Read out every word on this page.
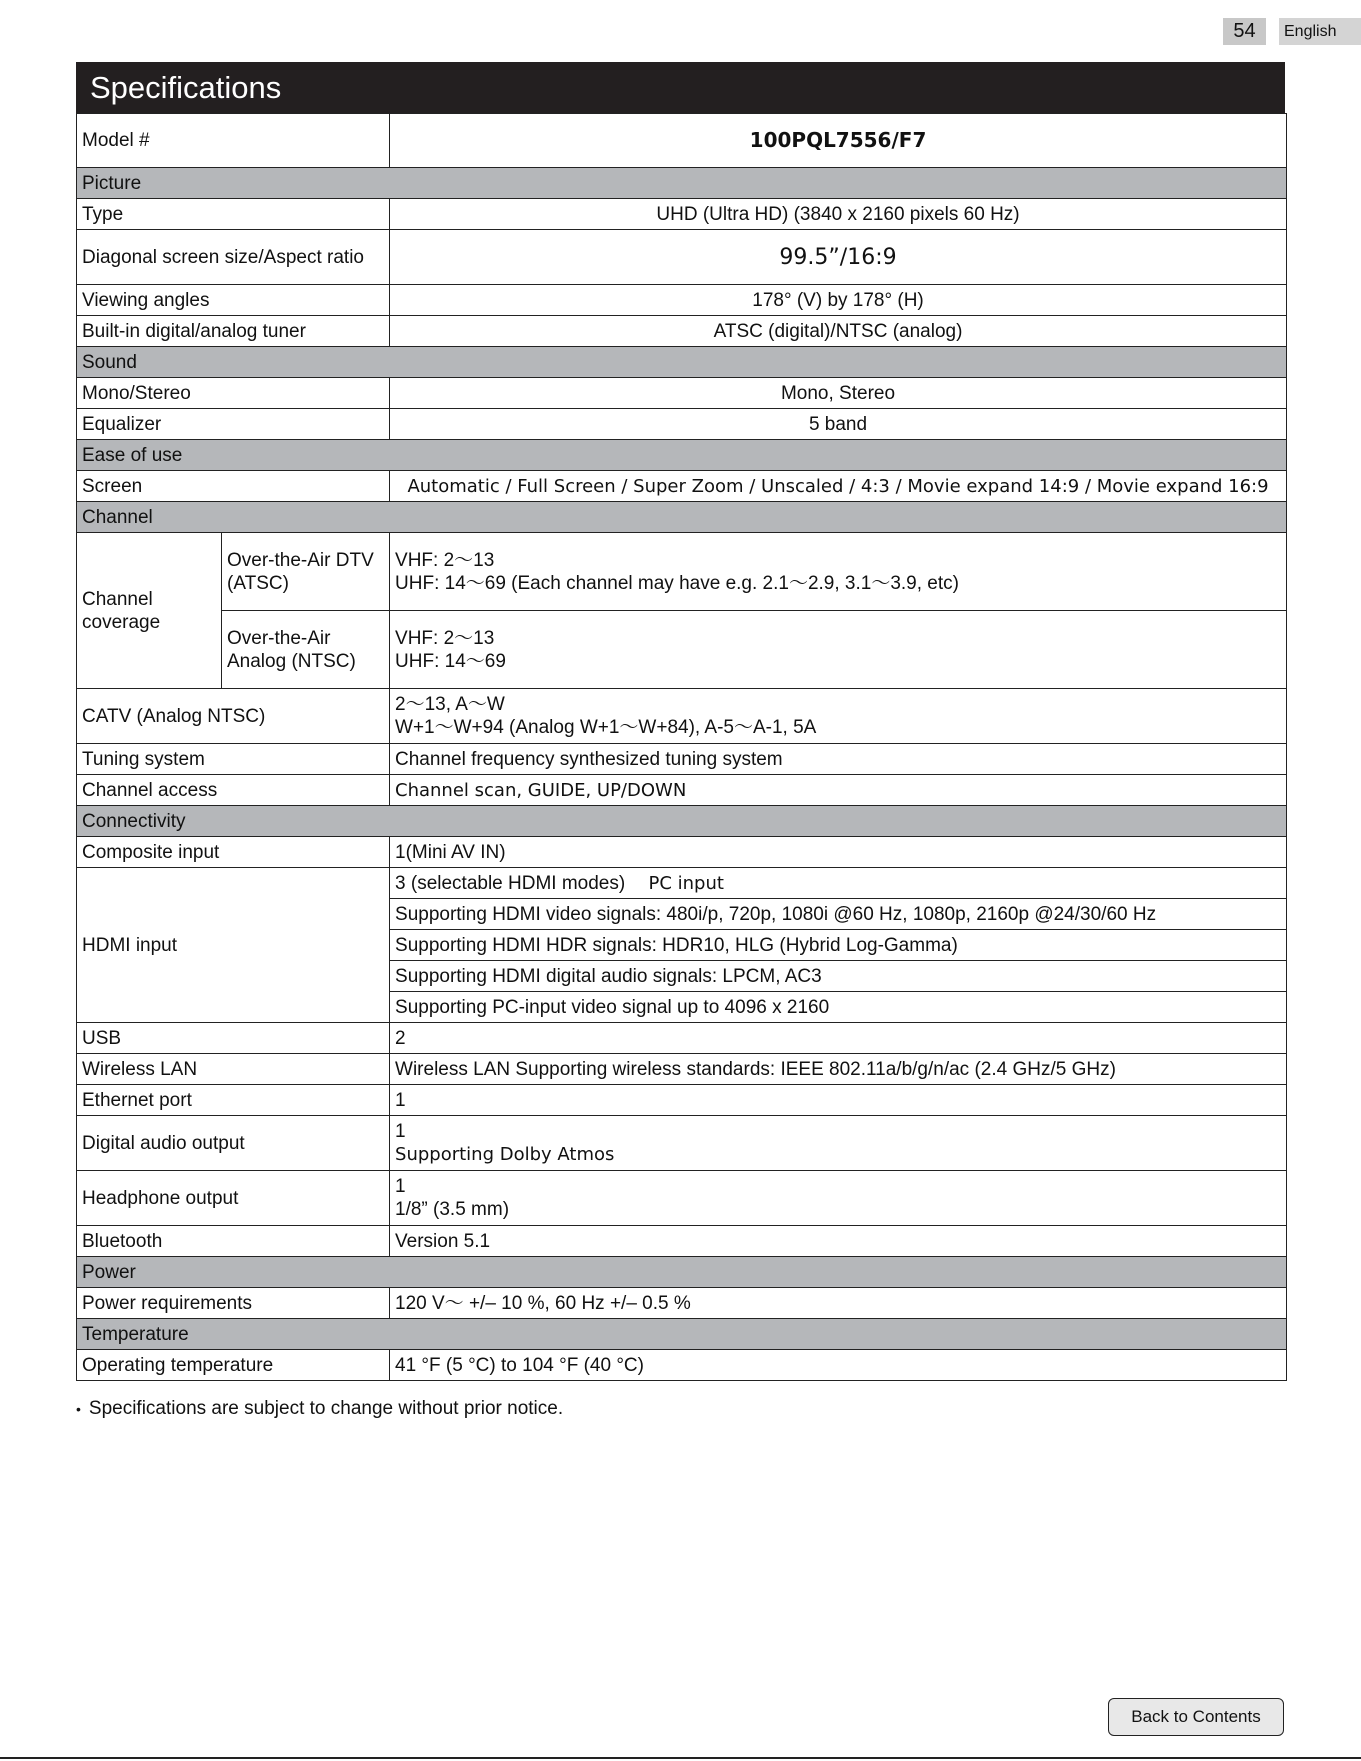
54	English
Specifications
Model #		100PQL7556/F7
Picture		
Type		UHD (Ultra HD) (3840 x 2160 pixels 60 Hz)
Diagonal screen size/Aspect ratio		99.5”/16:9
Viewing angles		178° (V) by 178° (H)
Built-in digital/analog tuner		ATSC (digital)/NTSC (analog)
Sound		
Mono/Stereo		Mono, Stereo
Equalizer		5 band
Ease of use		
Screen		Automatic / Full Screen / Super Zoom / Unscaled / 4:3 / Movie expand 14:9 / Movie expand 16:9
Channel		
Channel coverage	Over-the-Air DTV (ATSC)	VHF: 2～13
UHF: 14～69 (Each channel may have e.g. 2.1～2.9, 3.1～3.9, etc)

	Over-the-Air Analog (NTSC)	VHF: 2～13
UHF: 14～69

CATV (Analog NTSC)		2～13, A～W
W+1～W+94 (Analog W+1～W+84), A-5～A-1, 5A

Tuning system		Channel frequency synthesized tuning system
Channel access		Channel scan, GUIDE, UP/DOWN
Connectivity		
Composite input		1(Mini AV IN)
HDMI input		3 (selectable HDMI modes) PC input
		Supporting HDMI video signals: 480i/p, 720p, 1080i @60 Hz, 1080p, 2160p @24/30/60 Hz
		Supporting HDMI HDR signals: HDR10, HLG (Hybrid Log-Gamma)
		Supporting HDMI digital audio signals: LPCM, AC3
		Supporting PC-input video signal up to 4096 x 2160
USB		2
Wireless LAN		Wireless LAN Supporting wireless standards: IEEE 802.11a/b/g/n/ac (2.4 GHz/5 GHz)
Ethernet port		1
Digital audio output		1
Supporting Dolby Atmos

Headphone output		1
1/8” (3.5 mm)

Bluetooth		Version 5.1
Power		
Power requirements		120 V～ +/– 10 %, 60 Hz +/– 0.5 %
Temperature		
Operating temperature		41 °F (5 °C) to 104 °F (40 °C)
• Specifications are subject to change without prior notice.
Back to Contents
